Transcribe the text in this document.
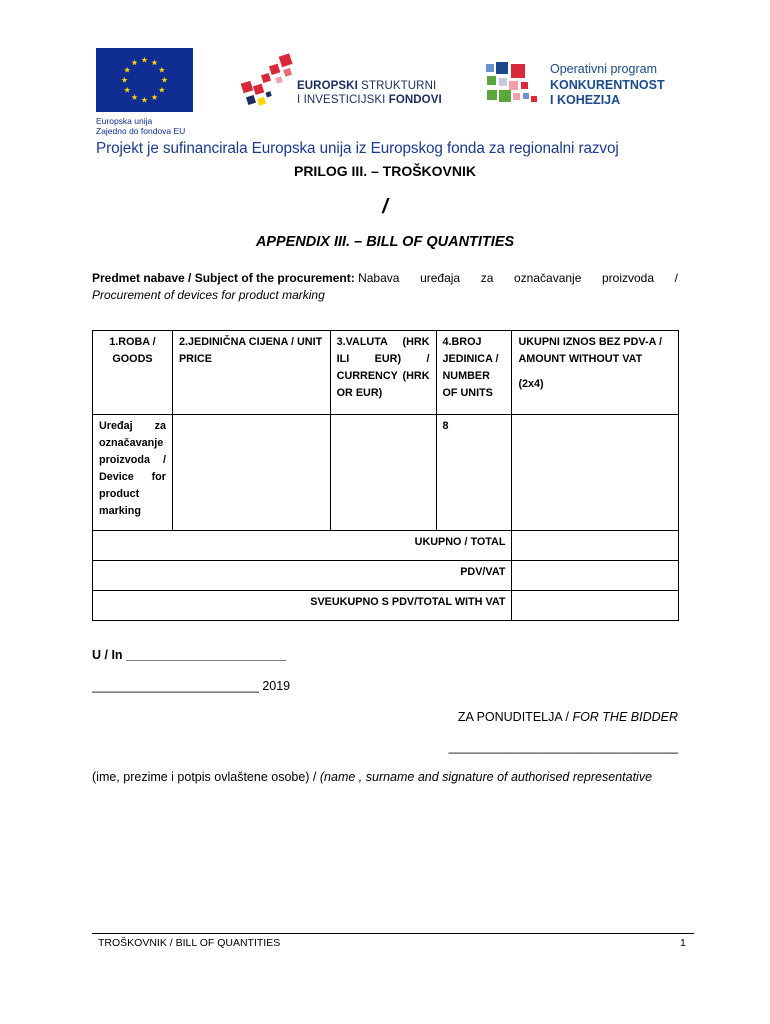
Europska unija
Zajedno do fondova EU
EUROPSKI STRUKTURNI
I INVESTICIJSKI FONDOVI
Operativni program
KONKURENTNOST
I KOHEZIJA
Projekt je sufinancirala Europska unija iz Europskog fonda za regionalni razvoj
PRILOG III. – TROŠKOVNIK
/
APPENDIX III. – BILL OF QUANTITIES
Predmet nabave / Subject of the procurement: Nabava uređaja za označavanje proizvoda /
Procurement of devices for product marking
1.ROBA / GOODS	2.JEDINIČNA CIJENA / UNIT PRICE	3.VALUTA (HRK ILI EUR) / CURRENCY (HRK OR EUR)	4.BROJ JEDINICA / NUMBER OF UNITS	UKUPNI IZNOS BEZ PDV-A / AMOUNT WITHOUT VAT
(2x4)

Uređaj za označavanje proizvoda / Device for product marking			8	
UKUPNO / TOTAL				
PDV/VAT				
SVEUKUPNO S PDV/TOTAL WITH VAT				
U / In _______________________
________________________ 2019
ZA PONUDITELJA / FOR THE BIDDER
_________________________________
(ime, prezime i potpis ovlaštene osobe) / (name , surname and signature of authorised representative
TROŠKOVNIK / BILL OF QUANTITIES	1
